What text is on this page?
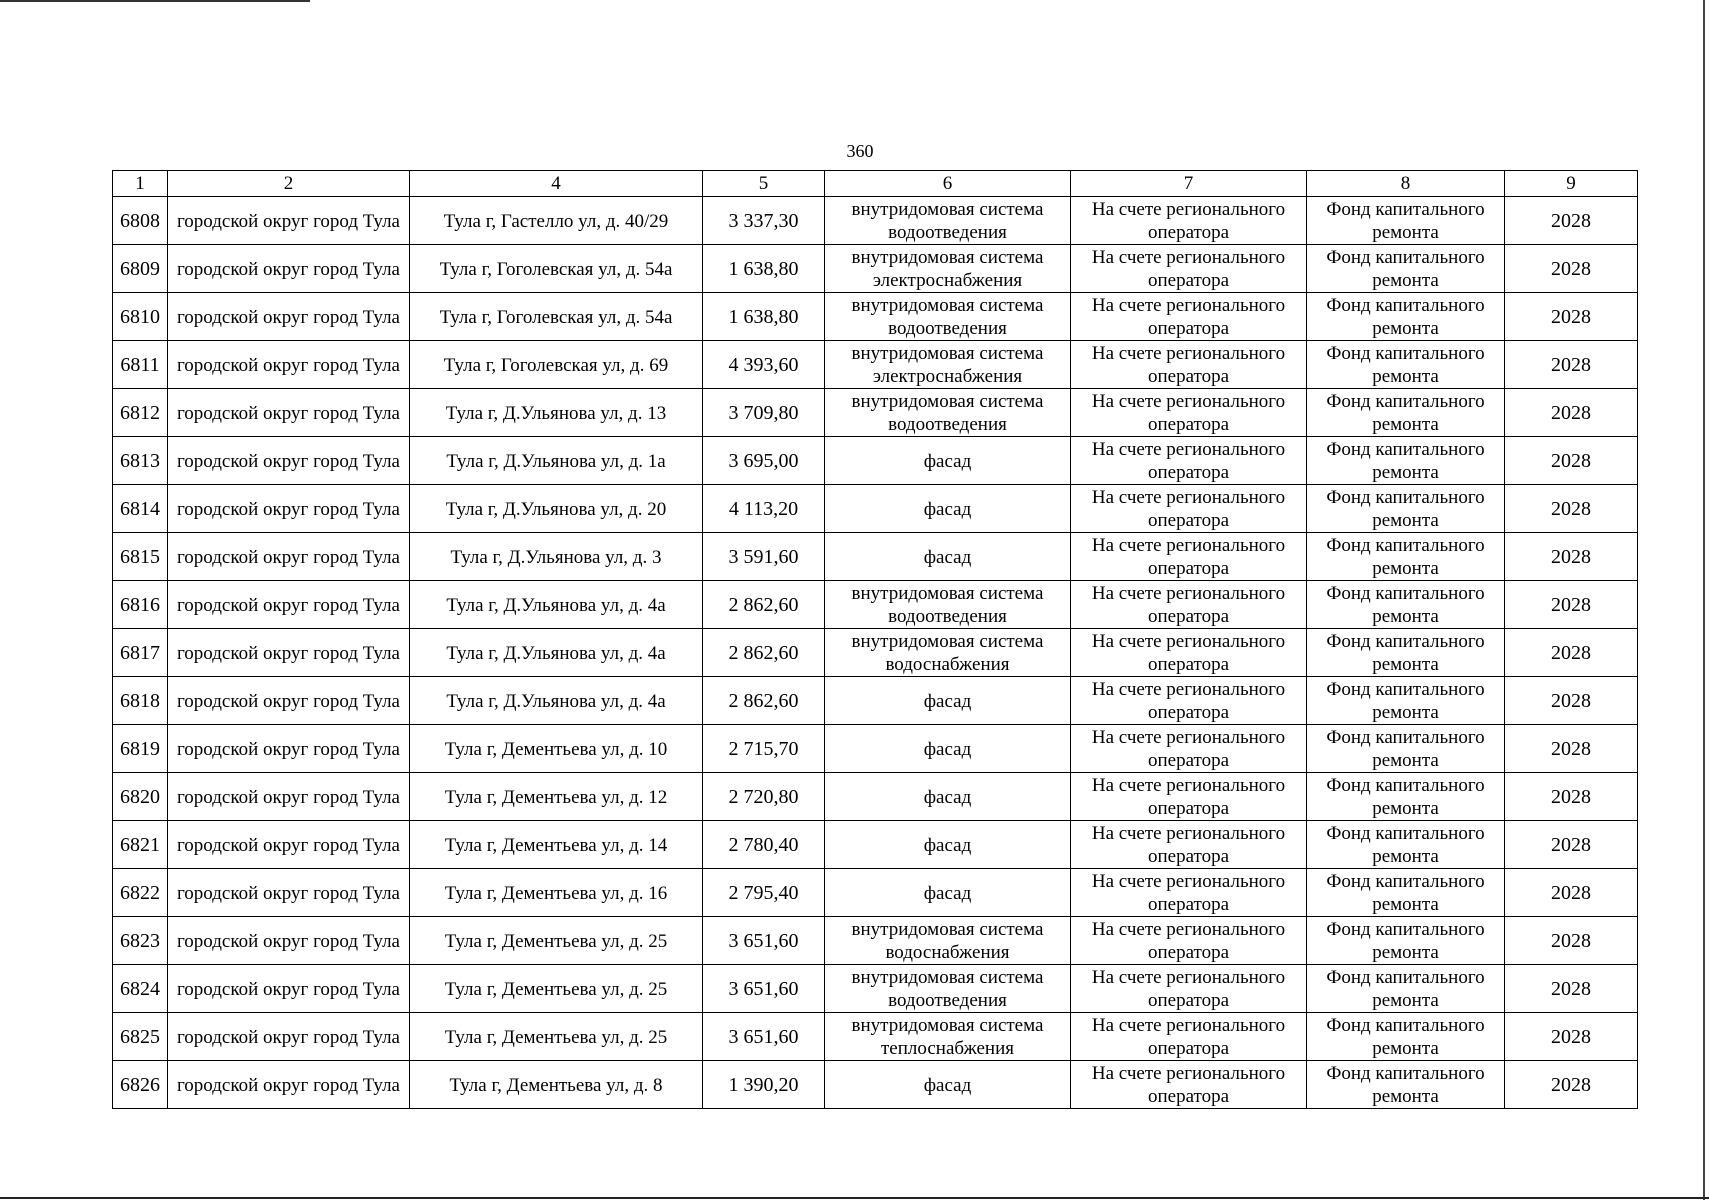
360
1	2	4	5	6	7	8	9
6808	городской округ город Тула	Тула г, Гастелло ул, д. 40/29	3 337,30	внутридомовая система водоотведения	На счете регионального оператора	Фонд капитального ремонта	2028
6809	городской округ город Тула	Тула г, Гоголевская ул, д. 54а	1 638,80	внутридомовая система электроснабжения	На счете регионального оператора	Фонд капитального ремонта	2028
6810	городской округ город Тула	Тула г, Гоголевская ул, д. 54а	1 638,80	внутридомовая система водоотведения	На счете регионального оператора	Фонд капитального ремонта	2028
6811	городской округ город Тула	Тула г, Гоголевская ул, д. 69	4 393,60	внутридомовая система электроснабжения	На счете регионального оператора	Фонд капитального ремонта	2028
6812	городской округ город Тула	Тула г, Д.Ульянова ул, д. 13	3 709,80	внутридомовая система водоотведения	На счете регионального оператора	Фонд капитального ремонта	2028
6813	городской округ город Тула	Тула г, Д.Ульянова ул, д. 1а	3 695,00	фасад	На счете регионального оператора	Фонд капитального ремонта	2028
6814	городской округ город Тула	Тула г, Д.Ульянова ул, д. 20	4 113,20	фасад	На счете регионального оператора	Фонд капитального ремонта	2028
6815	городской округ город Тула	Тула г, Д.Ульянова ул, д. 3	3 591,60	фасад	На счете регионального оператора	Фонд капитального ремонта	2028
6816	городской округ город Тула	Тула г, Д.Ульянова ул, д. 4а	2 862,60	внутридомовая система водоотведения	На счете регионального оператора	Фонд капитального ремонта	2028
6817	городской округ город Тула	Тула г, Д.Ульянова ул, д. 4а	2 862,60	внутридомовая система водоснабжения	На счете регионального оператора	Фонд капитального ремонта	2028
6818	городской округ город Тула	Тула г, Д.Ульянова ул, д. 4а	2 862,60	фасад	На счете регионального оператора	Фонд капитального ремонта	2028
6819	городской округ город Тула	Тула г, Дементьева ул, д. 10	2 715,70	фасад	На счете регионального оператора	Фонд капитального ремонта	2028
6820	городской округ город Тула	Тула г, Дементьева ул, д. 12	2 720,80	фасад	На счете регионального оператора	Фонд капитального ремонта	2028
6821	городской округ город Тула	Тула г, Дементьева ул, д. 14	2 780,40	фасад	На счете регионального оператора	Фонд капитального ремонта	2028
6822	городской округ город Тула	Тула г, Дементьева ул, д. 16	2 795,40	фасад	На счете регионального оператора	Фонд капитального ремонта	2028
6823	городской округ город Тула	Тула г, Дементьева ул, д. 25	3 651,60	внутридомовая система водоснабжения	На счете регионального оператора	Фонд капитального ремонта	2028
6824	городской округ город Тула	Тула г, Дементьева ул, д. 25	3 651,60	внутридомовая система водоотведения	На счете регионального оператора	Фонд капитального ремонта	2028
6825	городской округ город Тула	Тула г, Дементьева ул, д. 25	3 651,60	внутридомовая система теплоснабжения	На счете регионального оператора	Фонд капитального ремонта	2028
6826	городской округ город Тула	Тула г, Дементьева ул, д. 8	1 390,20	фасад	На счете регионального оператора	Фонд капитального ремонта	2028
